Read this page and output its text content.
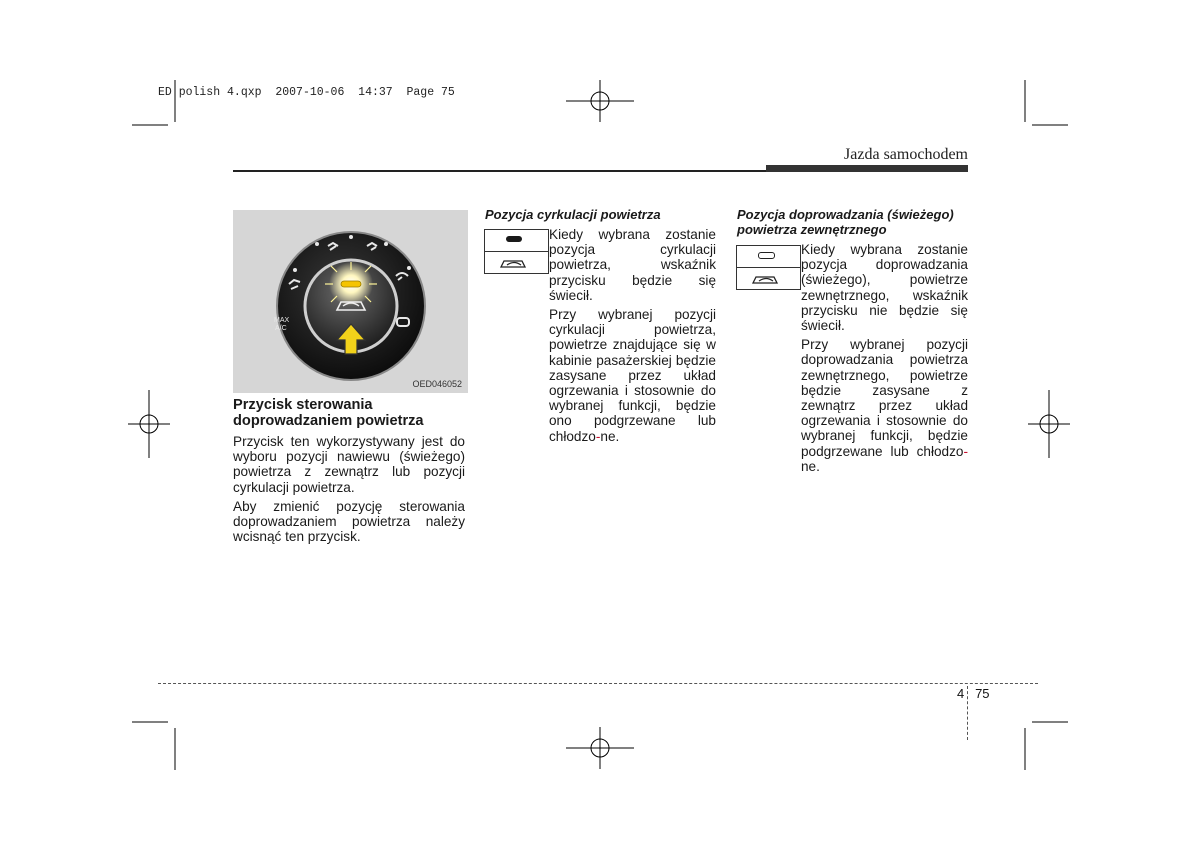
ED polish 4.qxp 2007-10-06 14:37 Page 75
Jazda samochodem
MAX
A/C
OED046052

Przycisk sterowania
doprowadzaniem powietrza

Przycisk ten wykorzystywany jest do wyboru pozycji nawiewu (świeżego) powietrza z zewnątrz lub pozycji cyrkulacji powietrza.

Aby zmienić pozycję sterowania doprowadzaniem powietrza należy wcisnąć ten przycisk.

Pozycja cyrkulacji powietrza

Kiedy wybrana zostanie pozycja cyrkulacji powietrza, wskaźnik przycisku będzie się świecił.

Przy wybranej pozycji cyrkulacji powietrza, powietrze znajdujące się w kabinie pasażerskiej będzie zasysane przez układ ogrzewania i stosownie do wybranej funkcji, będzie ono podgrzewane lub chłodzo-ne.

Pozycja doprowadzania (świeżego)
powietrza zewnętrznego

Kiedy wybrana zostanie pozycja doprowadzania (świeżego), powietrze zewnętrznego, wskaźnik przycisku nie będzie się świecił.

Przy wybranej pozycji doprowadzania powietrza zewnętrznego, powietrze będzie zasysane z zewnątrz przez układ ogrzewania i stosownie do wybranej funkcji, będzie podgrzewane lub chłodzo-ne.

4 75
